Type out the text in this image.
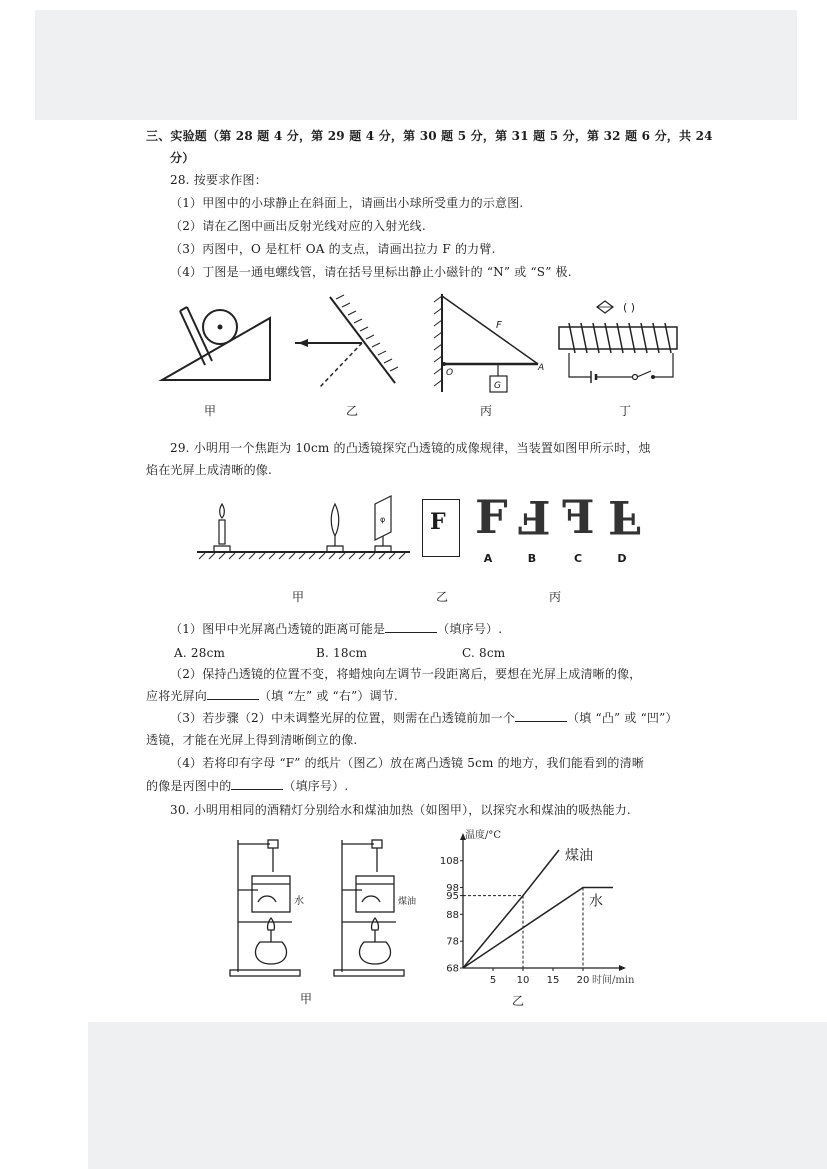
三、实验题（第 28 题 4 分，第 29 题 4 分，第 30 题 5 分，第 31 题 5 分，第 32 题 6 分，共 24
分）
28. 按要求作图：
（1）甲图中的小球静止在斜面上，请画出小球所受重力的示意图.
（2）请在乙图中画出反射光线对应的入射光线.
（3）丙图中，O 是杠杆 OA 的支点，请画出拉力 F 的力臂.
（4）丁图是一通电螺线管，请在括号里标出静止小磁针的 “N” 或 “S” 极.
F
O	A
G
( )
甲	乙	丙	丁
29. 小明用一个焦距为 10cm 的凸透镜探究凸透镜的成像规律，当装置如图甲所示时，烛
焰在光屏上成清晰的像.
φ F F F F F
A	B	C	D
甲	乙	丙
（1）图甲中光屏离凸透镜的距离可能是	（填序号）.
A. 28cm	B. 18cm	C. 8cm
（2）保持凸透镜的位置不变，将蜡烛向左调节一段距离后，要想在光屏上成清晰的像，
应将光屏向	（填 “左” 或 “右”）调节.
（3）若步骤（2）中未调整光屏的位置，则需在凸透镜前加一个	（填 “凸” 或 “凹”）
透镜，才能在光屏上得到清晰倒立的像.
（4）若将印有字母 “F” 的纸片（图乙）放在离凸透镜 5cm 的地方，我们能看到的清晰
的像是丙图中的	（填序号）.
30. 小明用相同的酒精灯分别给水和煤油加热（如图甲），以探究水和煤油的吸热能力.
水	煤油
甲
温度/°C
时间/min
68
78
88
95
98
108
5 10 15 20
煤油
水
乙
